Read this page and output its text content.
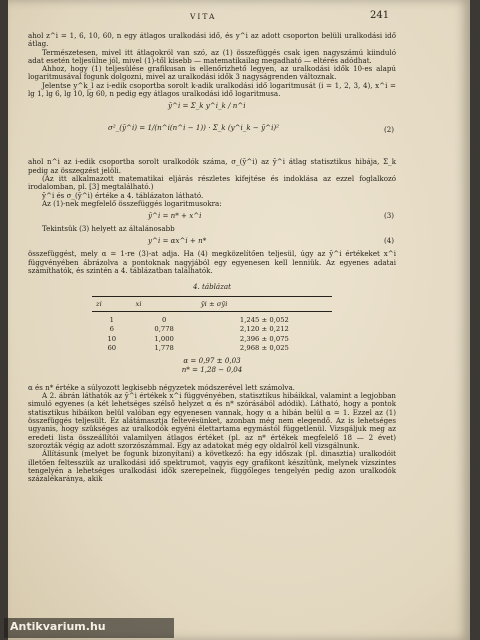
VITA	241

ahol z^i = 1, 6, 10, 60, n egy átlagos uralkodási idő, és y^i az adott csoporton belüli uralkodási idő átlag.

Természetesen, mivel itt átlagokról van szó, az (1) összefüggés csak igen nagyszámú kiinduló adat esetén teljesülne jól, mivel (1)-től kisebb — matematikailag megadható — eltérés adódhat.

Ahhoz, hogy (1) teljesülése grafikusan is ellenőrizhető legyen, az uralkodási idők 10-es alapú logaritmusával fogunk dolgozni, mivel az uralkodási idők 3 nagyságrenden változnak.

Jelentse y^k_l az i-edik csoportba sorolt k-adik uralkodási idő logaritmusát (i = 1, 2, 3, 4), x^i = lg 1, lg 6, lg 10, lg 60, n pedig egy átlagos uralkodási idő logaritmusa.

ȳ^i = Σ_k y^i_k / n^i
σ²_(ȳ^i) = 1/(n^i(n^i − 1)) · Σ_k (y^i_k − ȳ^i)²	(2)

ahol n^i az i-edik csoportba sorolt uralkodók száma, σ_(ȳ^i) az ȳ^i átlag statisztikus hibája, Σ_k pedig az összegzést jelöli.

(Az itt alkalmazott matematikai eljárás részletes kifejtése és indoklása az ezzel foglalkozó irodalomban, pl. [3] megtalálható.)

ȳ^i és σ_(ȳ^i) értéke a 4. táblázaton látható.

Az (1)-nek megfelelő összefüggés logaritmusokra:

ȳ^i = n* + x^i	(3)

Tekintsük (3) helyett az általánosabb

y^i = αx^i + n*	(4)

összefüggést, mely α = 1-re (3)-at adja. Ha (4) megközelítően teljesül, úgy az ȳ^i értékeket x^i függvényében ábrázolva a pontoknak nagyjából egy egyenesen kell lenniük. Az egyenes adatai számíthatók, és szintén a 4. táblázatban találhatók.

4. táblázat
zi	xi	ȳi ± σȳi
1	0	1,245 ± 0,052
6	0,778	2,120 ± 0,212
10	1,000	2,396 ± 0,075
60	1,778	2,968 ± 0,025
α = 0,97 ± 0,03
n* = 1,28 − 0,04

α és n* értéke a súlyozott legkisebb négyzetek módszerével lett számolva.

A 2. ábrán láthatók az ȳ^i értékek x^i függvényében, statisztikus hibáikkal, valamint a legjobban simuló egyenes (a két lehetséges szélső helyzet α és n* szórásából adódik). Látható, hogy a pontok statisztikus hibáikon belül valóban egy egyenesen vannak, hogy α a hibán belül α = 1. Ezzel az (1) összefüggés teljesült. Ez alátámasztja feltevésünket, azonban még nem elegendő. Az is lehetséges ugyanis, hogy szükséges az uralkodók egyéni élettartama egymástól függetlenül. Vizsgáljuk meg az eredeti lista összeállítói valamilyen átlagos értéket (pl. az n* értékek megfelelő 18 — 2 évet) szorozták végig az adott szorzószámmal. Egy az adatokat még egy oldalról kell vizsgálnunk.

Állításunk (melyet be fogunk bizonyítani) a következő: ha egy időszak (pl. dinasztia) uralkodóit illetően feltesszük az uralkodási idő spektrumot, vagyis egy grafikont készítünk, melynek vízszintes tengelyén a lehetséges uralkodási idők szerepelnek, függőleges tengelyén pedig azon uralkodók százalékaránya, akik

Antikvarium.hu
